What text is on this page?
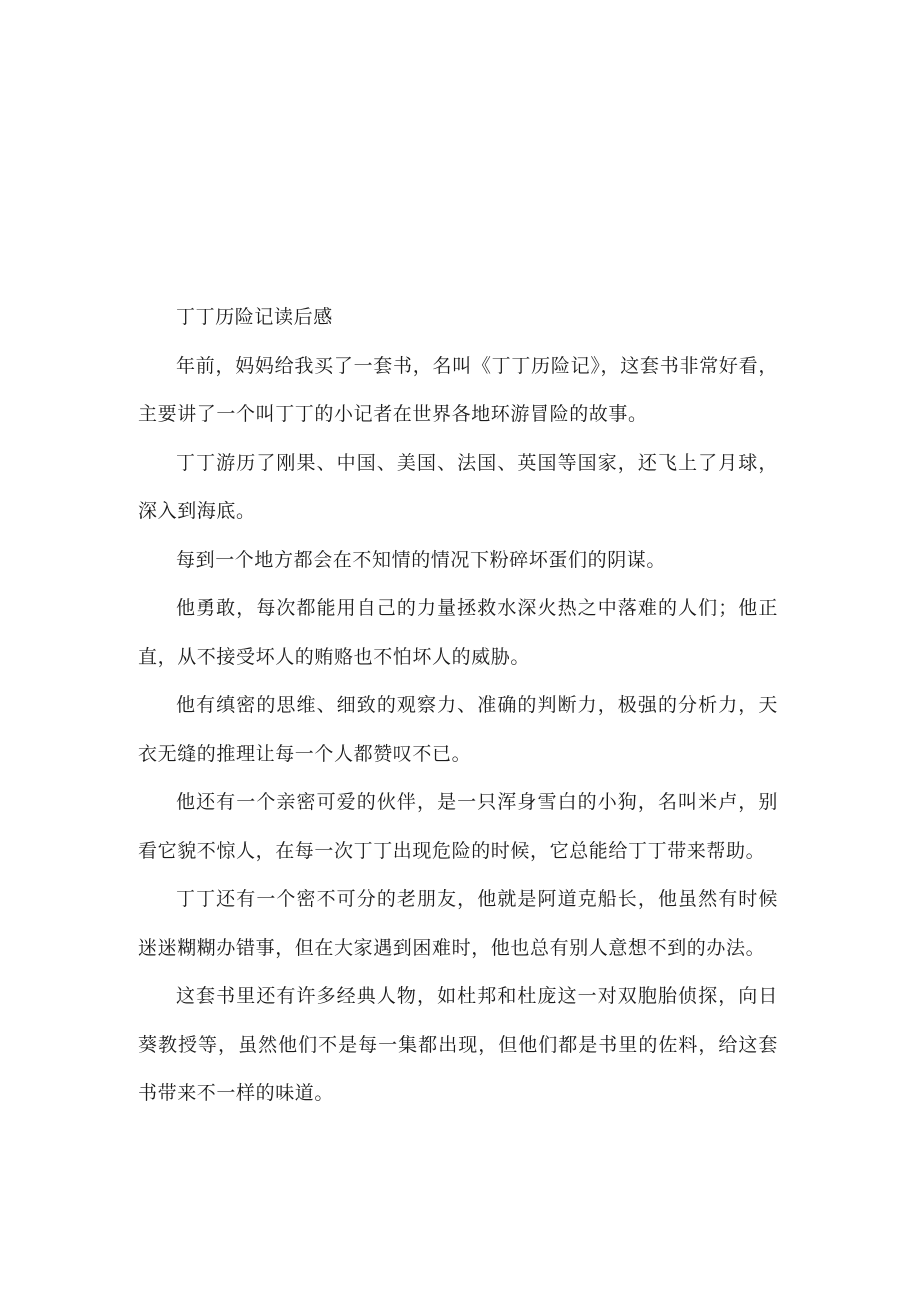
丁丁历险记读后感

年前，妈妈给我买了一套书，名叫《丁丁历险记》，这套书非常好看，主要讲了一个叫丁丁的小记者在世界各地环游冒险的故事。

丁丁游历了刚果、中国、美国、法国、英国等国家，还飞上了月球，深入到海底。

每到一个地方都会在不知情的情况下粉碎坏蛋们的阴谋。

他勇敢，每次都能用自己的力量拯救水深火热之中落难的人们；他正直，从不接受坏人的贿赂也不怕坏人的威胁。

他有缜密的思维、细致的观察力、准确的判断力，极强的分析力，天衣无缝的推理让每一个人都赞叹不已。

他还有一个亲密可爱的伙伴，是一只浑身雪白的小狗，名叫米卢，别看它貌不惊人，在每一次丁丁出现危险的时候，它总能给丁丁带来帮助。

丁丁还有一个密不可分的老朋友，他就是阿道克船长，他虽然有时候迷迷糊糊办错事，但在大家遇到困难时，他也总有别人意想不到的办法。

这套书里还有许多经典人物，如杜邦和杜庞这一对双胞胎侦探，向日葵教授等，虽然他们不是每一集都出现，但他们都是书里的佐料，给这套书带来不一样的味道。
